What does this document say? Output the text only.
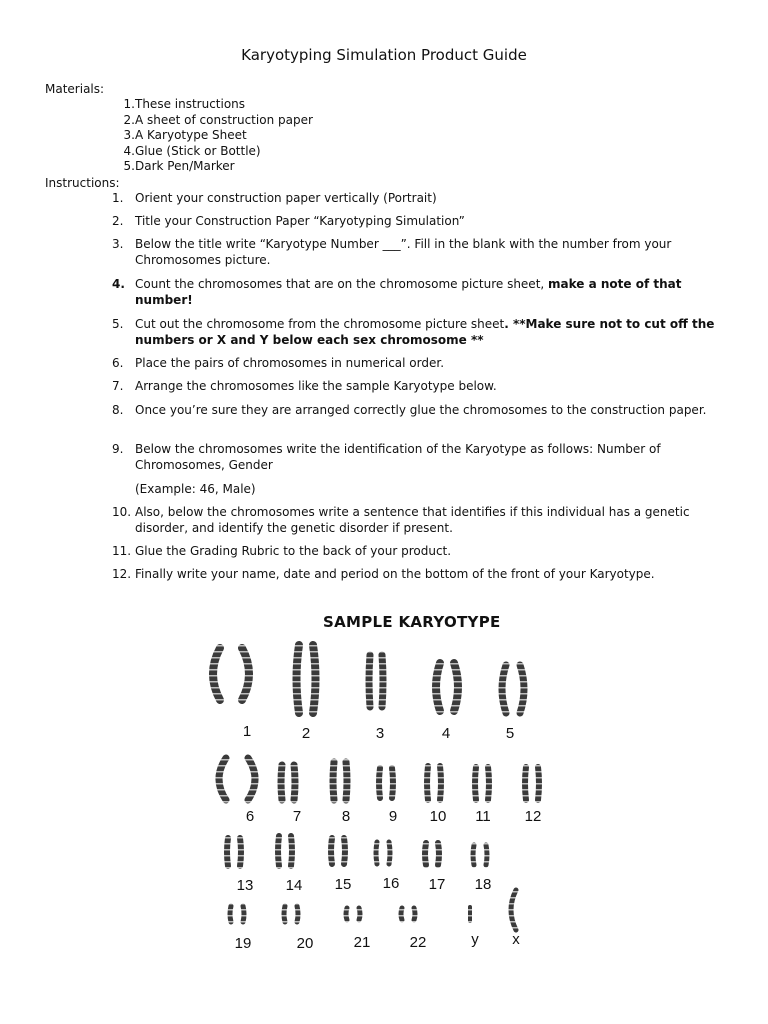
Karyotyping Simulation Product Guide
Materials:
1. These instructions
2. A sheet of construction paper
3. A Karyotype Sheet
4. Glue (Stick or Bottle)
5. Dark Pen/Marker
Instructions:
1. Orient your construction paper vertically (Portrait)
2. Title your Construction Paper “Karyotyping Simulation”
3. Below the title write “Karyotype Number ___”. Fill in the blank with the number from your Chromosomes picture.
4. Count the chromosomes that are on the chromosome picture sheet, make a note of that number!
5. Cut out the chromosome from the chromosome picture sheet. **Make sure not to cut off the numbers or X and Y below each sex chromosome **
6. Place the pairs of chromosomes in numerical order.
7. Arrange the chromosomes like the sample Karyotype below.
8. Once you’re sure they are arranged correctly glue the chromosomes to the construction paper.
9. Below the chromosomes write the identification of the Karyotype as follows: Number of Chromosomes, Gender
10. Also, below the chromosomes write a sentence that identifies if this individual has a genetic disorder, and identify the genetic disorder if present.
11. Glue the Grading Rubric to the back of your product.
12. Finally write your name, date and period on the bottom of the front of your Karyotype.
(Example: 46, Male)
SAMPLE KARYOTYPE
1	2	3	4	5
6	7	8	9 10 11 12
13 14 15 16 17 18
19	20	21	22	y x
